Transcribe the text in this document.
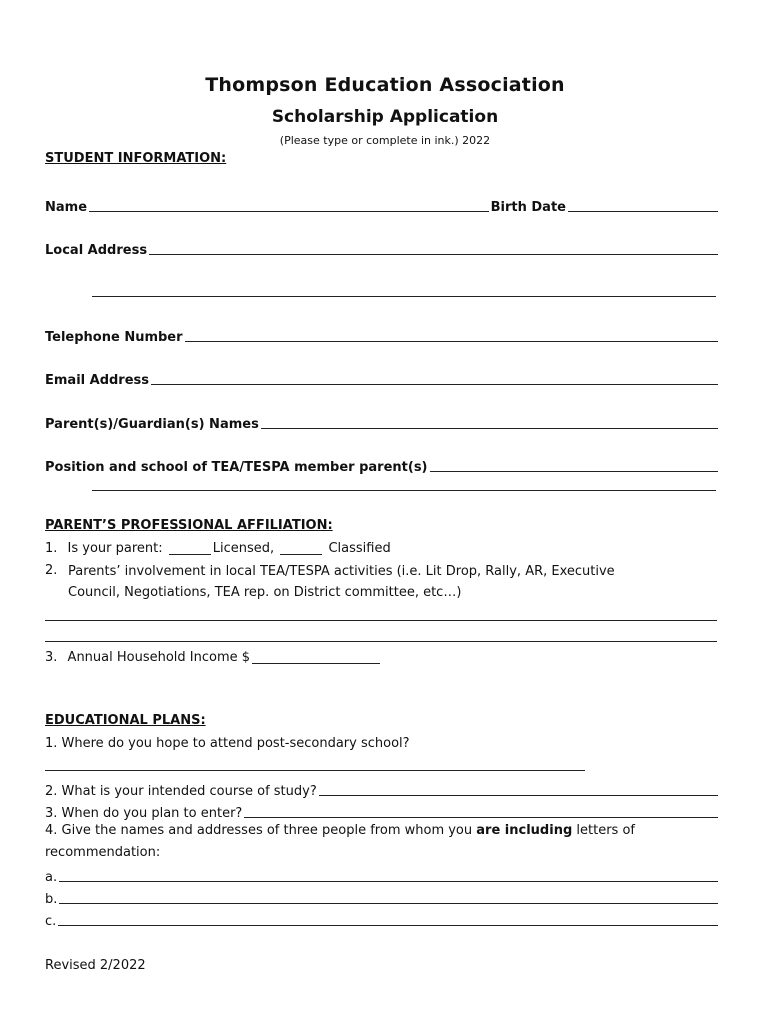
Thompson Education Association
Scholarship Application
(Please type or complete in ink.) 2022
STUDENT INFORMATION:
Name	Birth Date
Local Address
Telephone Number
Email Address
Parent(s)/Guardian(s) Names
Position and school of TEA/TESPA member parent(s)
PARENT’S PROFESSIONAL AFFILIATION:
1. Is your parent:	Licensed,	Classified
2. Parents’ involvement in local TEA/TESPA activities (i.e. Lit Drop, Rally, AR, Executive
Council, Negotiations, TEA rep. on District committee, etc…)
3. Annual Household Income $
EDUCATIONAL PLANS:
1. Where do you hope to attend post-secondary school?
2. What is your intended course of study?
3. When do you plan to enter?
4. Give the names and addresses of three people from whom you are including letters of
recommendation:
a.
b.
c.
Revised 2/2022
